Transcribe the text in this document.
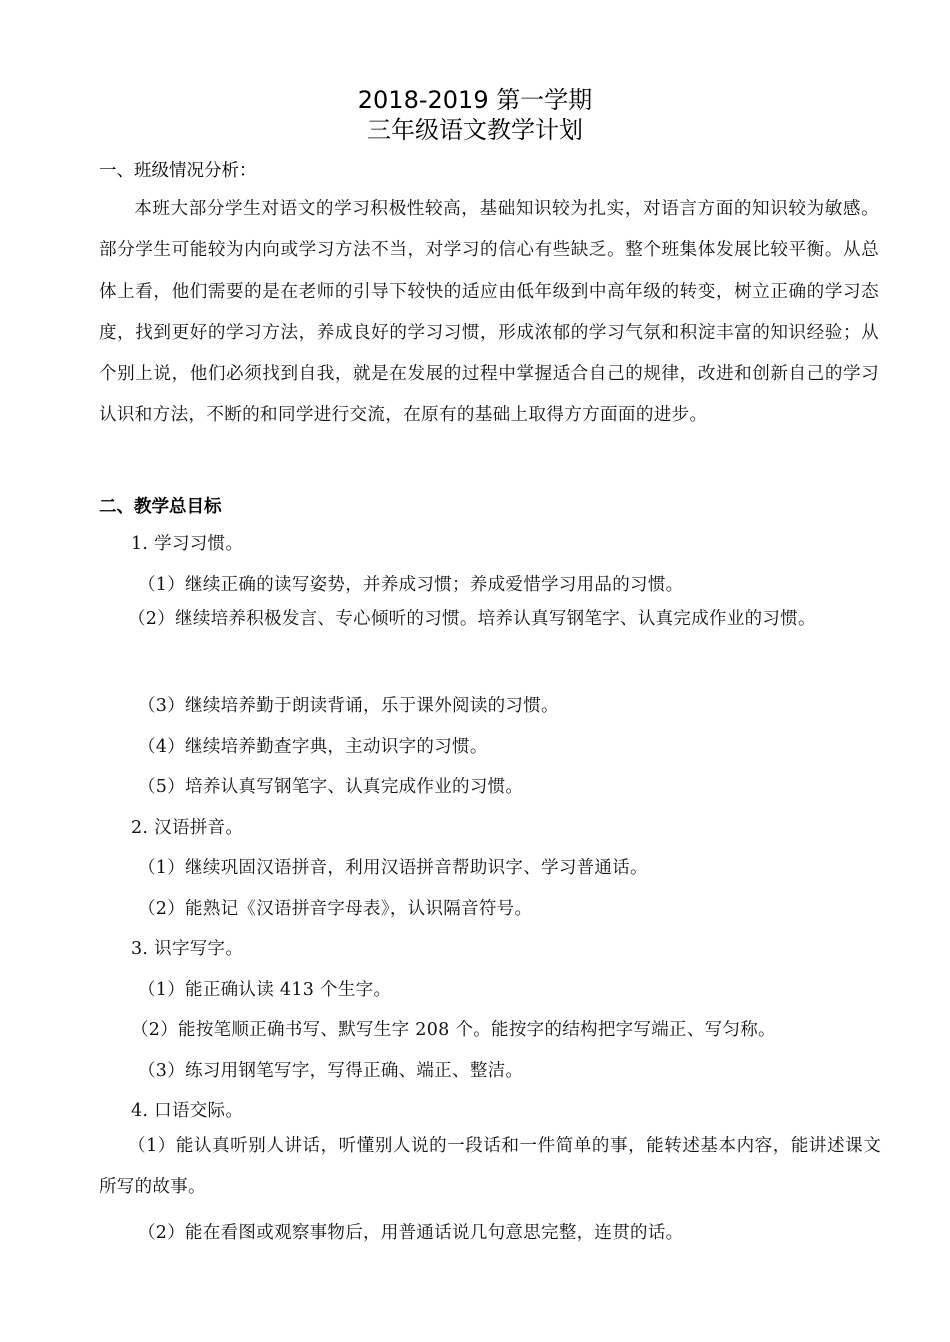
2018-2019 第一学期
三年级语文教学计划
一、班级情况分析：
本班大部分学生对语文的学习积极性较高，基础知识较为扎实，对语言方面的知识较为敏感。部分学生可能较为内向或学习方法不当，对学习的信心有些缺乏。整个班集体发展比较平衡。从总体上看，他们需要的是在老师的引导下较快的适应由低年级到中高年级的转变，树立正确的学习态度，找到更好的学习方法，养成良好的学习习惯，形成浓郁的学习气氛和积淀丰富的知识经验；从个别上说，他们必须找到自我，就是在发展的过程中掌握适合自己的规律，改进和创新自己的学习认识和方法，不断的和同学进行交流，在原有的基础上取得方方面面的进步。
二、教学总目标
1. 学习习惯。
（1）继续正确的读写姿势，并养成习惯；养成爱惜学习用品的习惯。
（2）继续培养积极发言、专心倾听的习惯。培养认真写钢笔字、认真完成作业的习惯。
（3）继续培养勤于朗读背诵，乐于课外阅读的习惯。
（4）继续培养勤查字典，主动识字的习惯。
（5）培养认真写钢笔字、认真完成作业的习惯。
2. 汉语拼音。
（1）继续巩固汉语拼音，利用汉语拼音帮助识字、学习普通话。
（2）能熟记《汉语拼音字母表》，认识隔音符号。
3. 识字写字。
（1）能正确认读 413 个生字。
（2）能按笔顺正确书写、默写生字 208 个。能按字的结构把字写端正、写匀称。
（3）练习用钢笔写字，写得正确、端正、整洁。
4. 口语交际。
（1）能认真听别人讲话，听懂别人说的一段话和一件简单的事，能转述基本内容，能讲述课文所写的故事。
（2）能在看图或观察事物后，用普通话说几句意思完整，连贯的话。
